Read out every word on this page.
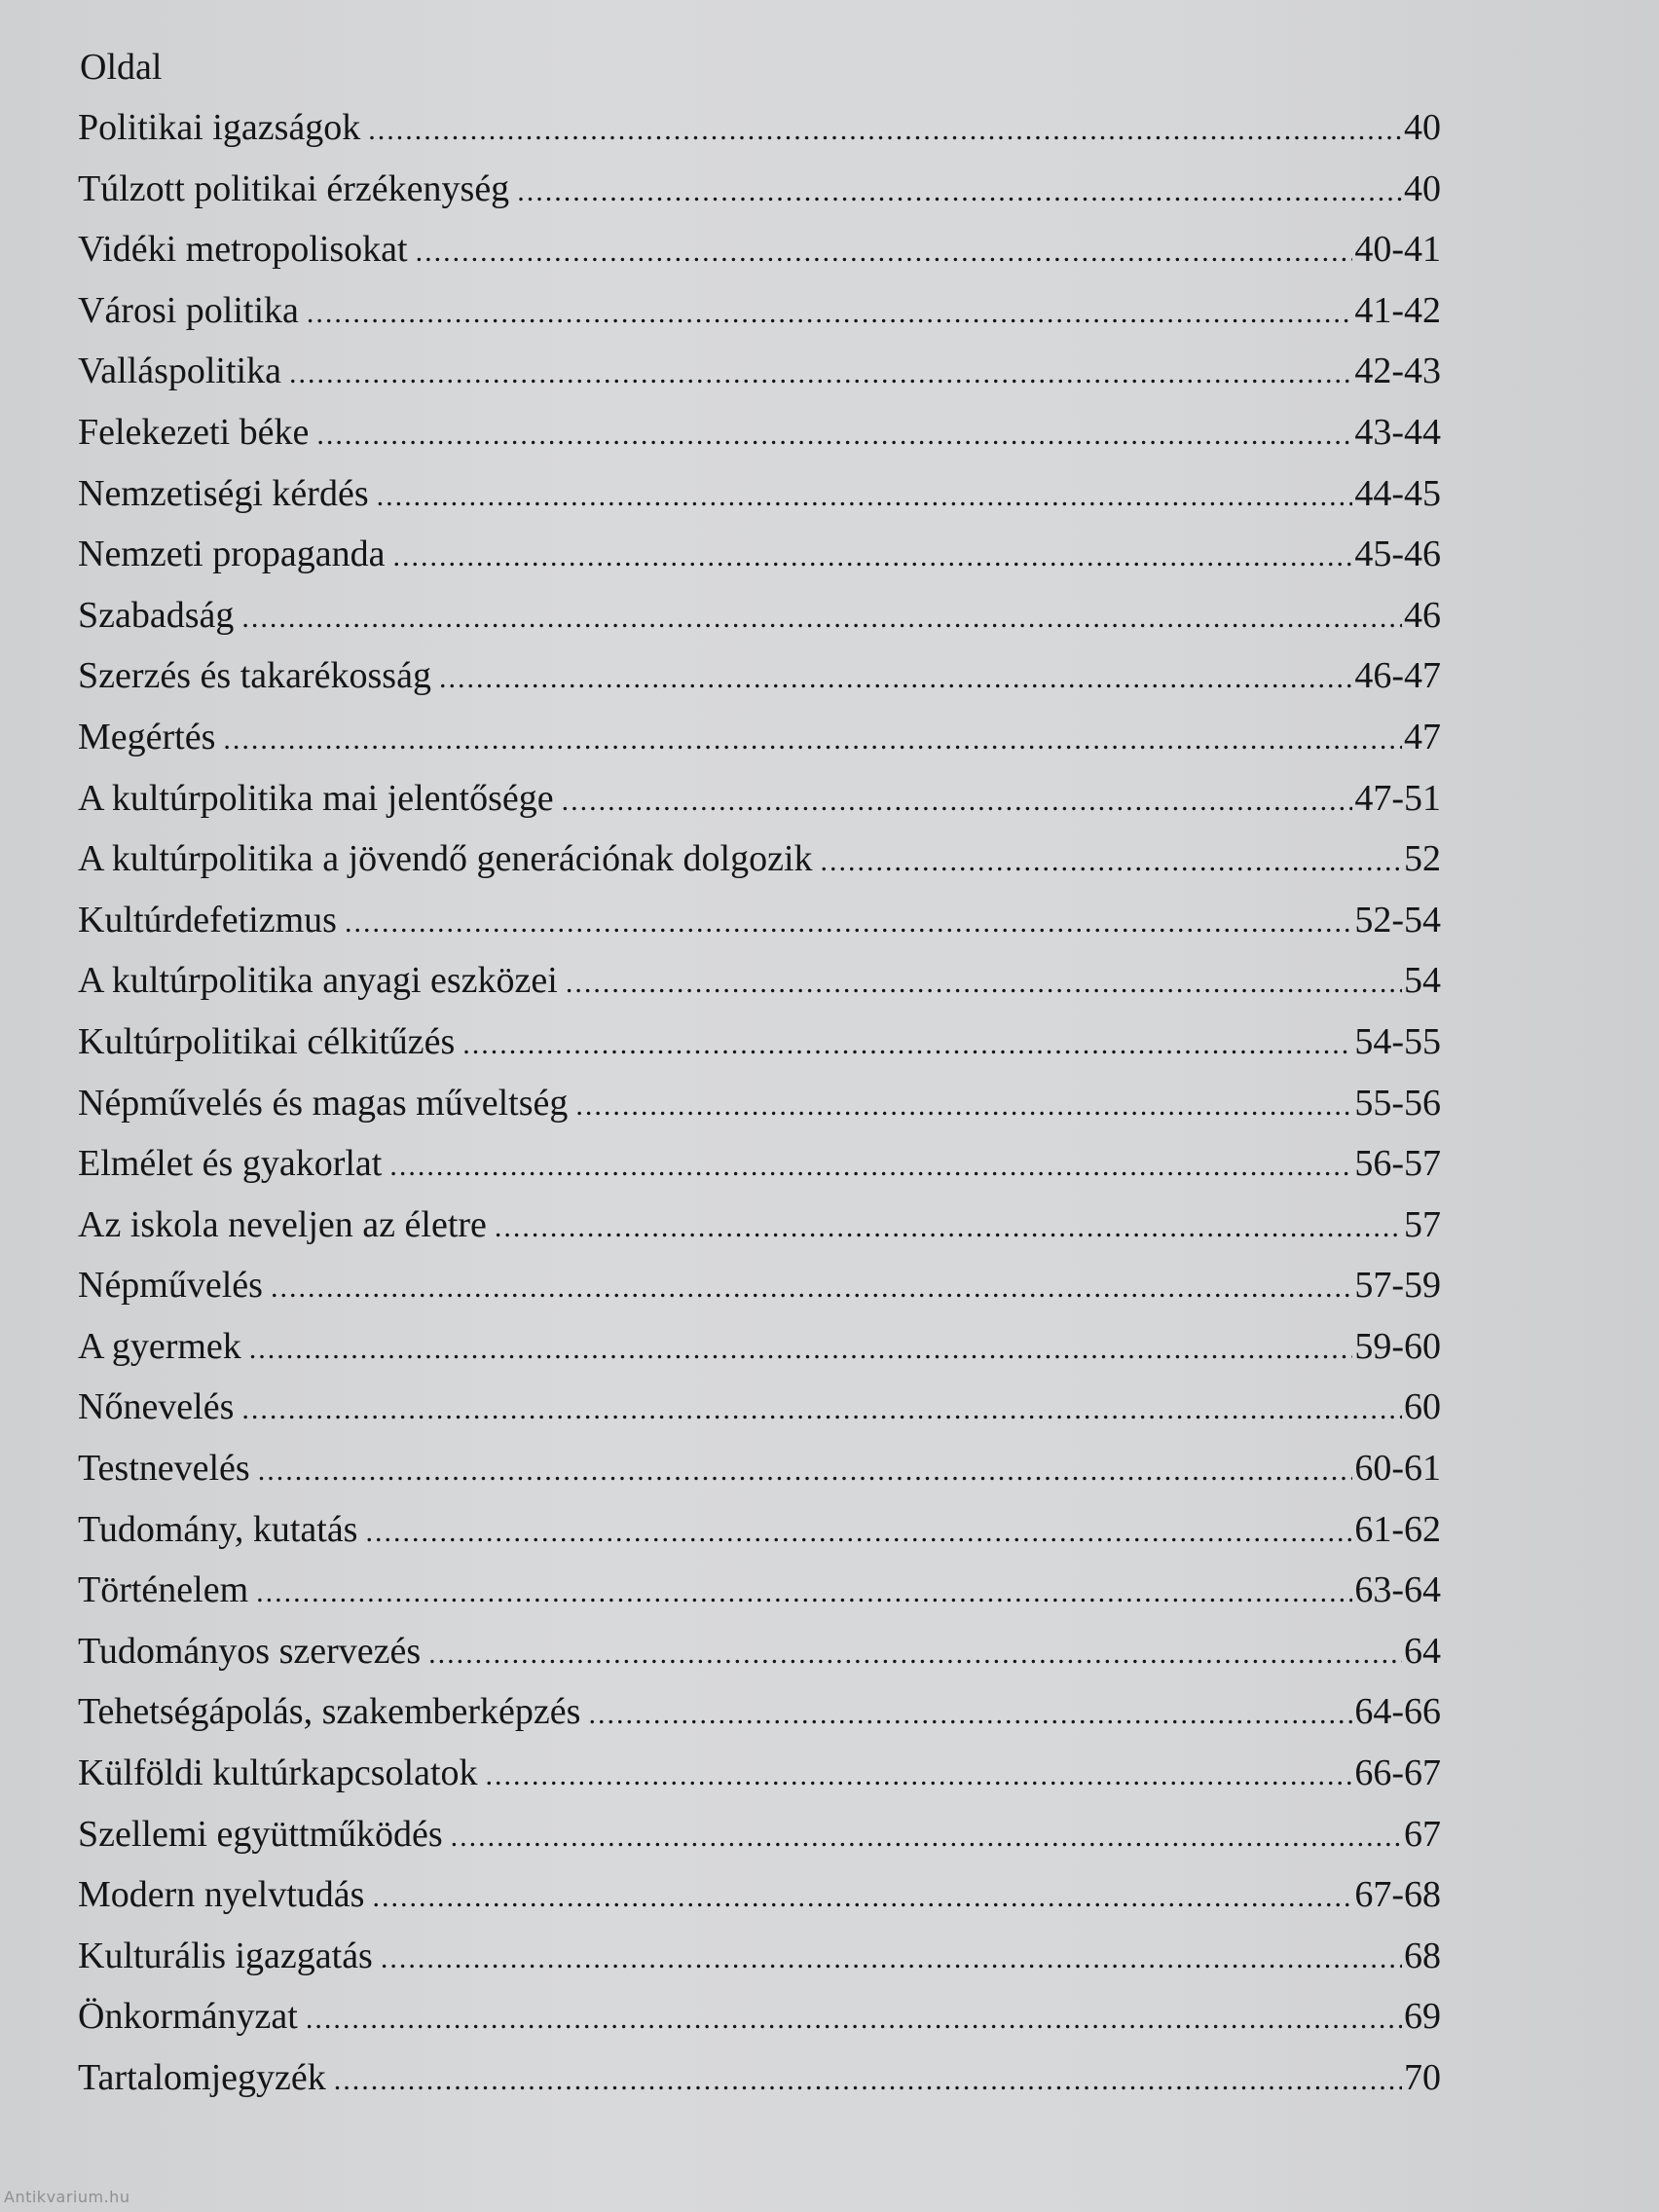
Oldal
Politikai igazságok .....	40
Túlzott politikai érzékenység .....	40
Vidéki metropolisokat .....	40-41
Városi politika .....	41-42
Valláspolitika .....	42-43
Felekezeti béke .....	43-44
Nemzetiségi kérdés .....	44-45
Nemzeti propaganda .....	45-46
Szabadság .....	46
Szerzés és takarékosság .....	46-47
Megértés .....	47
A kultúrpolitika mai jelentősége .....	47-51
A kultúrpolitika a jövendő generációnak dolgozik .....	52
Kultúrdefetizmus .....	52-54
A kultúrpolitika anyagi eszközei .....	54
Kultúrpolitikai célkitűzés .....	54-55
Népművelés és magas műveltség .....	55-56
Elmélet és gyakorlat .....	56-57
Az iskola neveljen az életre .....	57
Népművelés .....	57-59
A gyermek .....	59-60
Nőnevelés .....	60
Testnevelés .....	60-61
Tudomány, kutatás .....	61-62
Történelem .....	63-64
Tudományos szervezés .....	64
Tehetségápolás, szakemberképzés .....	64-66
Külföldi kultúrkapcsolatok .....	66-67
Szellemi együttműködés .....	67
Modern nyelvtudás .....	67-68
Kulturális igazgatás .....	68
Önkormányzat .....	69
Tartalomjegyzék .....	70
Antikvarium.hu
